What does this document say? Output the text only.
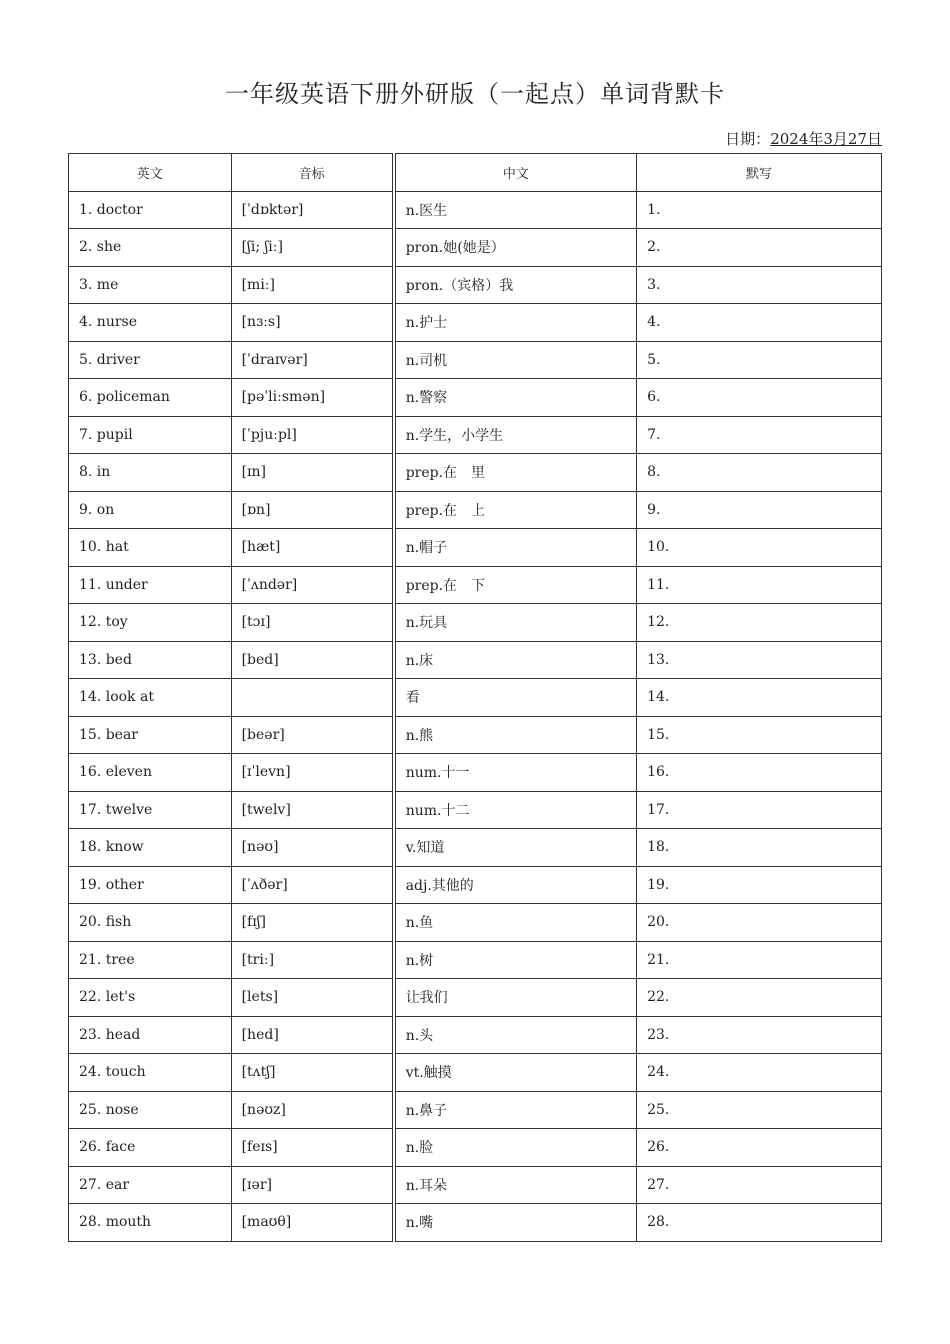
一年级英语下册外研版（一起点）单词背默卡
日期：2024年3月27日
英文	音标	中文	默写
1. doctor	[ˈdɒktər]	n.医生	1.
2. she	[ʃi; ʃiː]	pron.她(她是）	2.
3. me	[miː]	pron.（宾格）我	3.
4. nurse	[nɜːs]	n.护士	4.
5. driver	[ˈdraɪvər]	n.司机	5.
6. policeman	[pəˈliːsmən]	n.警察	6.
7. pupil	[ˈpjuːpl]	n.学生，小学生	7.
8. in	[ɪn]	prep.在　里	8.
9. on	[ɒn]	prep.在　上	9.
10. hat	[hæt]	n.帽子	10.
11. under	[ˈʌndər]	prep.在　下	11.
12. toy	[tɔɪ]	n.玩具	12.
13. bed	[bed]	n.床	13.
14. look at		看	14.
15. bear	[beər]	n.熊	15.
16. eleven	[ɪˈlevn]	num.十一	16.
17. twelve	[twelv]	num.十二	17.
18. know	[nəʊ]	v.知道	18.
19. other	[ˈʌðər]	adj.其他的	19.
20. fish	[fɪʃ]	n.鱼	20.
21. tree	[triː]	n.树	21.
22. let's	[lets]	让我们	22.
23. head	[hed]	n.头	23.
24. touch	[tʌtʃ]	vt.触摸	24.
25. nose	[nəʊz]	n.鼻子	25.
26. face	[feɪs]	n.脸	26.
27. ear	[ɪər]	n.耳朵	27.
28. mouth	[maʊθ]	n.嘴	28.
